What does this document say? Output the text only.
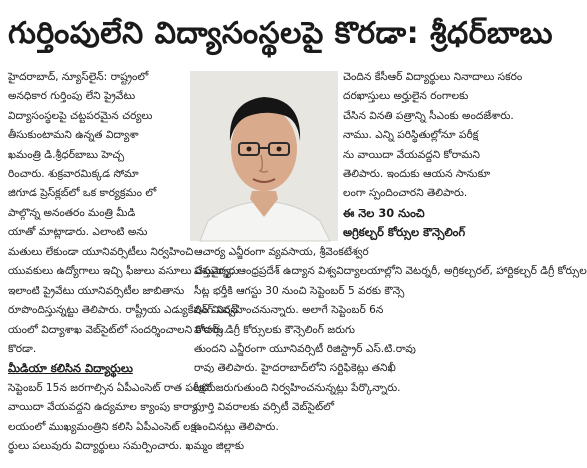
గుర్తింపులేని విద్యాసంస్థలపై కొరడా: శ్రీధర్‌బాబు

హైదరాబాద్, న్యూస్‌లైన్: రాష్ట్రంలో

అనధికార గుర్తింపు లేని ప్రైవేటు

విద్యాసంస్థలపై చట్టపరమైన చర్యలు

తీసుకుంటామని ఉన్నత విద్యాశా

ఖమంత్రి డి.శ్రీధర్‌బాబు హెచ్చ

రించారు. శుక్రవారమిక్కడ సోమా

జిగూడ ప్రెస్‌క్లబ్‌లో ఒక కార్యక్రమం లో

పాల్గొన్న అనంతరం మంత్రి మీడి

యాతో మాట్లాడారు. ఎలాంటి అను

చెందిన కేసీఆర్ విద్యార్థులు నినాదాలు సకరం

దరఖాస్తులు అర్హులైన రంగాలకు

చేసిన వినతి పత్రాన్ని సీఎంకు అందజేశారు.

నాము. ఎన్ని పరిస్థితుల్లోనూ పరీక్ష

ను వాయిదా వేయవద్దని కోరామని

తెలిపారు. ఇందుకు ఆయన సానుకూ

లంగా స్పందించారని తెలిపారు.

ఈ నెల 30 నుంచి

అగ్రికల్చర్ కోర్సుల కౌన్సెలింగ్

మతులు లేకుండా యూనివర్సిటీలు నిర్వహించి

యువకులు ఉద్యోగాలు ఇచ్చి ఫీజులు వసూలు చేస్తున్నారు

ఇలాంటి ప్రైవేటు యూనివర్సిటీల జాబితాను

రూపొందిస్తున్నట్టు తెలిపారు. రాష్ట్రీయ ఎడ్యుకేషన్ మిషన్

యంలో విద్యాశాఖ వెబ్‌సైట్‌లో సందర్శించాలని కోరారు.

కొరడా.

మీడియా కలిసిన విద్యార్థులు

సెప్టెంబర్ 15న జరగాల్సిన ఏపీఎంసెట్ రాత పరీక్షను

వాయిదా వేయవద్దని ఉద్యమాల క్యాంపు కార్యా

లయంలో ముఖ్యమంత్రిని కలిసి ఏపీఎంసెట్ లక్ష

ర్థులు పలువురు విద్యార్థులు సమర్పించారు. ఖమ్మం జిల్లాకు

ఆచార్య ఎన్జీరంగా వ్యవసాయ, శ్రీవెంకటేశ్వర

పశువైద్య, ఆంధ్రప్రదేశ్ ఉద్యాన విశ్వవిద్యాలయాల్లోని వెటర్నరీ, అగ్రికల్చరల్, హార్టికల్చర్ డిగ్రీ కోర్సుల

సీట్ల భర్తీకి ఆగస్టు 30 నుంచి సెప్టెంబర్ 5 వరకు కౌన్సె

లింగ్ నిర్వహించనున్నారు. అలాగే సెప్టెంబర్ 6న

హానర్స్ డిగ్రీ కోర్సులకు కౌన్సెలింగ్ జరుగు

తుందని ఎన్జీరంగా యూనివర్సిటీ రిజిస్ట్రార్ ఎస్.టి.రావు

రావు తెలిపారు. హైదరాబాద్‌లోని సర్టిఫికెట్లు తనిఖీ

లలో జరుగుతుంది నిర్వహించనున్నట్లు పేర్కొన్నారు.

పూర్తి వివరాలకు వర్సిటీ వెబ్‌సైట్‌లో

ఉంచినట్లు తెలిపారు.
